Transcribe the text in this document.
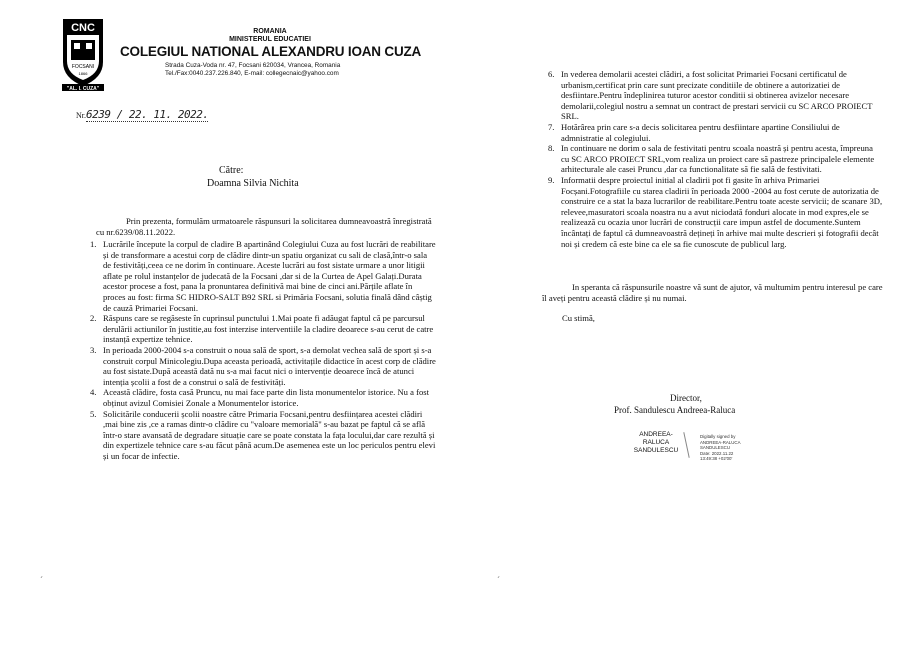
CNC
FOCSANI
1866
"AL. I. CUZA"
ROMANIA
MINISTERUL EDUCATIEI
COLEGIUL NATIONAL ALEXANDRU IOAN CUZA
Strada Cuza-Voda nr. 47, Focsani 620034, Vrancea, Romania
Tel./Fax:0040.237.226.840, E-mail: collegecnaic@yahoo.com
Nr.6239 / 22. 11. 2022.
Către:
Doamna Silvia Nichita
Prin prezenta, formulăm urmatoarele răspunsuri la solicitarea dumneavoastră înregistrată cu nr.6239/08.11.2022.
1. Lucrările începute la corpul de cladire B apartinând Colegiului Cuza au fost lucrări de reabilitare și de transformare a acestui corp de clădire dintr-un spatiu organizat cu sali de clasă,într-o sala de festivități,ceea ce ne dorim în continuare. Aceste lucrări au fost sistate urmare a unor litigii aflate pe rolul instanțelor de judecată de la Focsani ,dar si de la Curtea de Apel Galați.Durata acestor procese a fost, pana la pronuntarea definitivă mai bine de cinci ani.Părțile aflate în proces au fost: firma SC HIDRO-SALT B92 SRL si Primăria Focsani, solutia finală dând câștig de cauză Primariei Focsani.
2. Răspuns care se regăseste în cuprinsul punctului 1.Mai poate fi adăugat faptul că pe parcursul derulării actiunilor în justitie,au fost interzise interventiile la cladire deoarece s-au cerut de catre instanță expertize tehnice.
3. In perioada 2000-2004 s-a construit o noua sală de sport, s-a demolat vechea sală de sport și s-a construit corpul Minicolegiu.Dupa aceasta perioadă, activitațile didactice în acest corp de clădire au fost sistate.După această dată nu s-a mai facut nici o intervenție deoarece încă de atunci intenția școlii a fost de a construi o sală de festivități.
4. Această clădire, fosta casă Pruncu, nu mai face parte din lista monumentelor istorice. Nu a fost obținut avizul Comisiei Zonale a Monumentelor istorice.
5. Solicitările conducerii școlii noastre către Primaria Focsani,pentru desființarea acestei clădiri ,mai bine zis ,ce a ramas dintr-o clădire cu "valoare memorială" s-au bazat pe faptul că se află într-o stare avansată de degradare situație care se poate constata la fața locului,dar care rezultă și din expertizele tehnice care s-au făcut până acum.De asemenea este un loc periculos pentru elevi și un focar de infectie.
6. In vederea demolarii acestei clădiri, a fost solicitat Primariei Focsani certificatul de urbanism,certificat prin care sunt precizate conditiile de obtinere a autorizatiei de desfiintare.Pentru îndeplinirea tuturor acestor conditii si obtinerea avizelor necesare demolarii,colegiul nostru a semnat un contract de prestari servicii cu SC ARCO PROIECT SRL.
7. Hotărârea prin care s-a decis solicitarea pentru desfiintare apartine Consiliului de admnistratie al colegiului.
8. In continuare ne dorim o sala de festivitati pentru scoala noastră și pentru acesta, împreuna cu SC ARCO PROIECT SRL,vom realiza un proiect care să pastreze principalele elemente arhitecturale ale casei Pruncu ,dar ca functionalitate să fie sală de festivitati.
9. Informatii despre proiectul initial al cladirii pot fi gasite în arhiva Primariei Focșani.Fotografiile cu starea cladirii în perioada 2000 -2004 au fost cerute de autorizatia de construire ce a stat la baza lucrarilor de reabilitare.Pentru toate aceste servicii; de scanare 3D, relevee,masuratori scoala noastra nu a avut niciodată fonduri alocate in mod expres,ele se realizează cu ocazia unor lucrări de construcții care impun astfel de documente.Suntem încântați de faptul că dumneavoastră dețineți în arhive mai multe descrieri și fotografii decât noi și credem că este bine ca ele sa fie cunoscute de publicul larg.
In speranta că răspunsurile noastre vă sunt de ajutor, vă multumim pentru interesul pe care îl aveți pentru această clădire și nu numai.
Cu stimă,
Director,
Prof. Sandulescu Andreea-Raluca
ANDREEA-
RALUCA
SANDULESCU
Digitally signed by
ANDREEA-RALUCA
SANDULESCU
Date: 2022.11.22
13:49:38 +02'00'
ˊ	ˊ
